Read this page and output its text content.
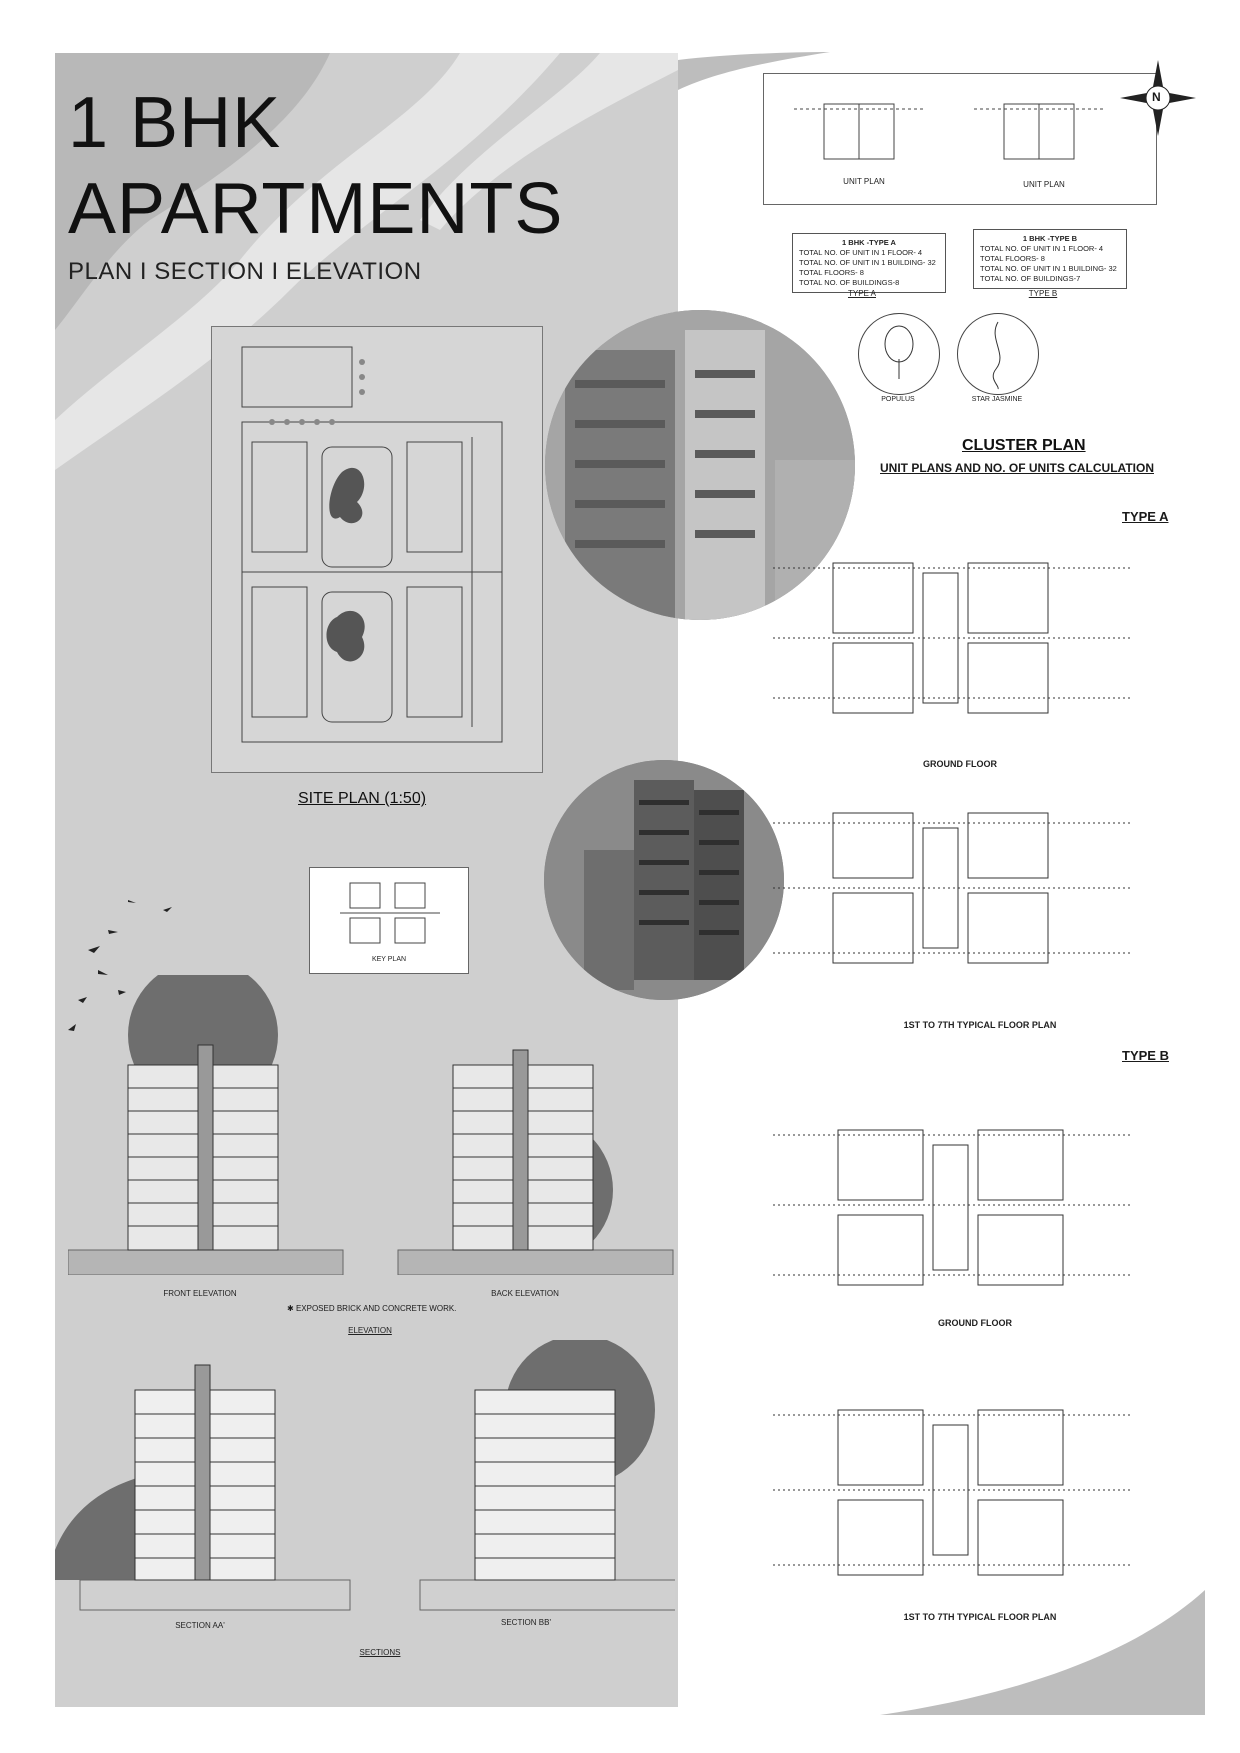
1 BHK
APARTMENTS
PLAN I SECTION I ELEVATION
SITE PLAN (1:50)
KEY PLAN
UNIT PLAN	UNIT PLAN
N
1 BHK -TYPE A
TOTAL NO. OF UNIT IN 1 FLOOR- 4
TOTAL NO. OF UNIT IN 1 BUILDING- 32
TOTAL FLOORS- 8
TOTAL NO. OF BUILDINGS-8
TYPE A
1 BHK -TYPE B
TOTAL NO. OF UNIT IN 1 FLOOR- 4
TOTAL FLOORS- 8
TOTAL NO. OF UNIT IN 1 BUILDING- 32
TOTAL NO. OF BUILDINGS-7
TYPE B
POPULUS	STAR JASMINE
CLUSTER PLAN
UNIT PLANS AND NO. OF UNITS CALCULATION
TYPE A
GROUND FLOOR
1ST TO 7TH TYPICAL FLOOR PLAN
TYPE B
GROUND FLOOR
1ST TO 7TH TYPICAL FLOOR PLAN
FRONT ELEVATION	BACK ELEVATION
✱ EXPOSED BRICK AND CONCRETE WORK.
ELEVATION
SECTION AA'	SECTION BB'
SECTIONS
